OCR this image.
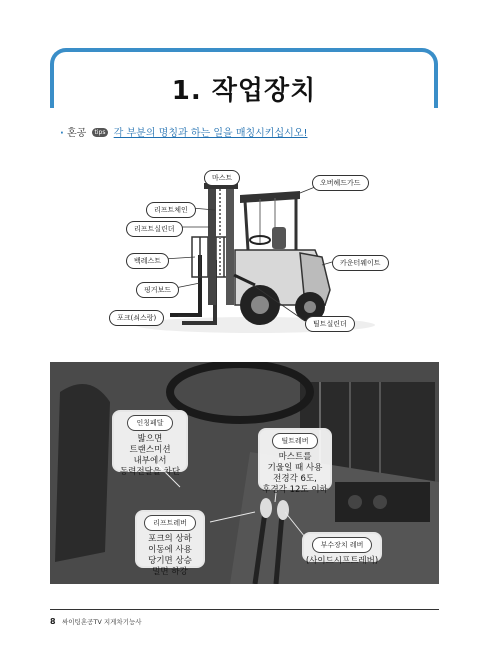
1. 작업장치
· 혼공 tips 각 부분의 명칭과 하는 일을 매칭시키십시오!
마스트
오버헤드가드
리프트체인
리프트실린더
백레스트	카운터웨이트
핑거보드
포크(쇠스랑)
틸트실린더
인칭페달
밟으면
트랜스미션
내부에서
동력전달을 차단
틸트레버
마스트를
기울일 때 사용
전경각 6도,
후경각 12도 이하
리프트레버
포크의 상하
이동에 사용
당기면 상승
밀면 하강
부수장치 레버
(사이드시프트레버)
8 싸이팅혼공TV 지게차기능사
